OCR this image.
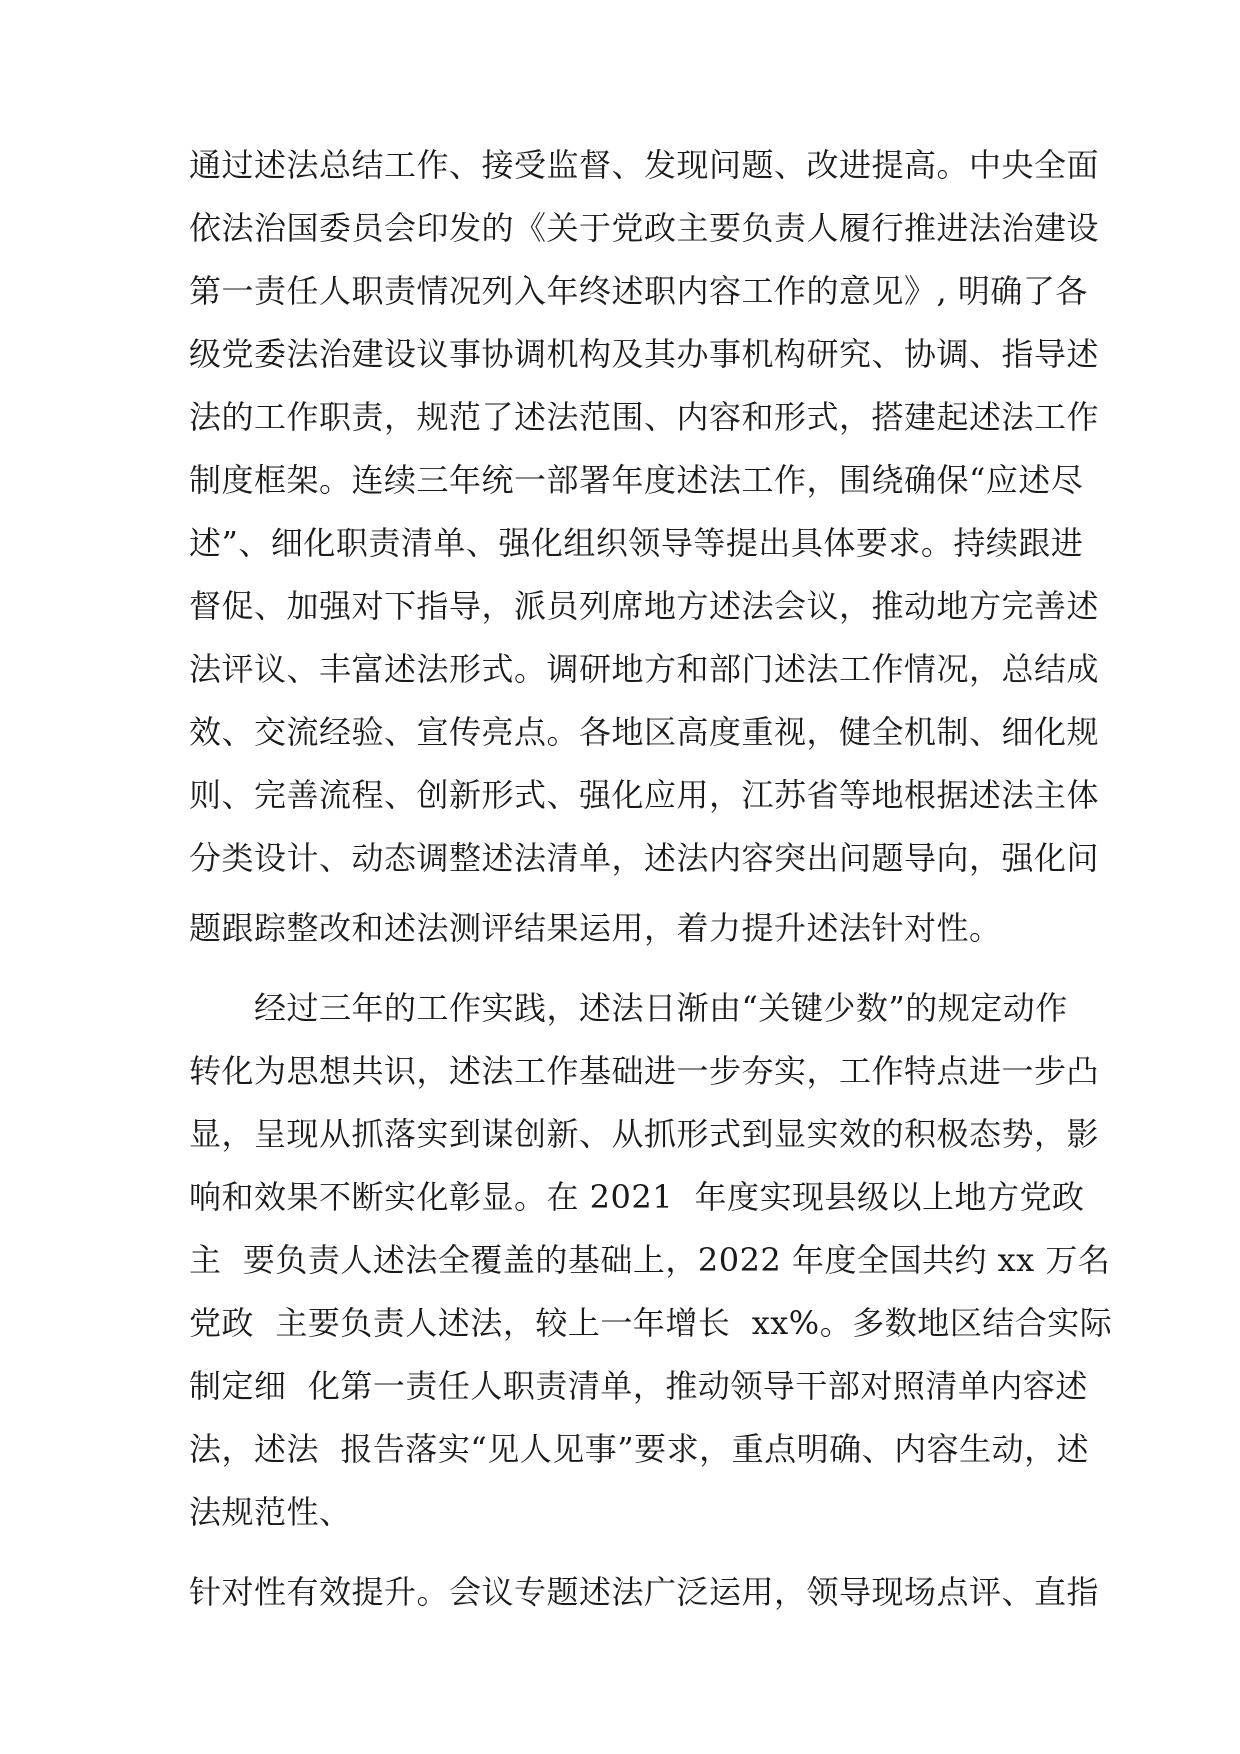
通过述法总结工作、接受监督、发现问题、改进提高。中央全面
依法治国委员会印发的《关于党政主要负责人履行推进法治建设
第一责任人职责情况列入年终述职内容工作的意见》, 明确了各
级党委法治建设议事协调机构及其办事机构研究、协调、指导述
法的工作职责，规范了述法范围、内容和形式，搭建起述法工作
制度框架。连续三年统一部署年度述法工作，围绕确保“应述尽
述”、细化职责清单、强化组织领导等提出具体要求。持续跟进
督促、加强对下指导，派员列席地方述法会议，推动地方完善述
法评议、丰富述法形式。调研地方和部门述法工作情况，总结成
效、交流经验、宣传亮点。各地区高度重视，健全机制、细化规
则、完善流程、创新形式、强化应用，江苏省等地根据述法主体
分类设计、动态调整述法清单，述法内容突出问题导向，强化问
题跟踪整改和述法测评结果运用，着力提升述法针对性。
　　经过三年的工作实践，述法日渐由“关键少数”的规定动作
转化为思想共识，述法工作基础进一步夯实，工作特点进一步凸
显，呈现从抓落实到谋创新、从抓形式到显实效的积极态势，影
响和效果不断实化彰显。在 2021  年度实现县级以上地方党政
主  要负责人述法全覆盖的基础上，2022 年度全国共约 xx 万名
党政  主要负责人述法，较上一年增长  xx%。多数地区结合实际
制定细  化第一责任人职责清单，推动领导干部对照清单内容述
法，述法  报告落实“见人见事”要求，重点明确、内容生动，述
法规范性、
针对性有效提升。会议专题述法广泛运用，领导现场点评、直指
